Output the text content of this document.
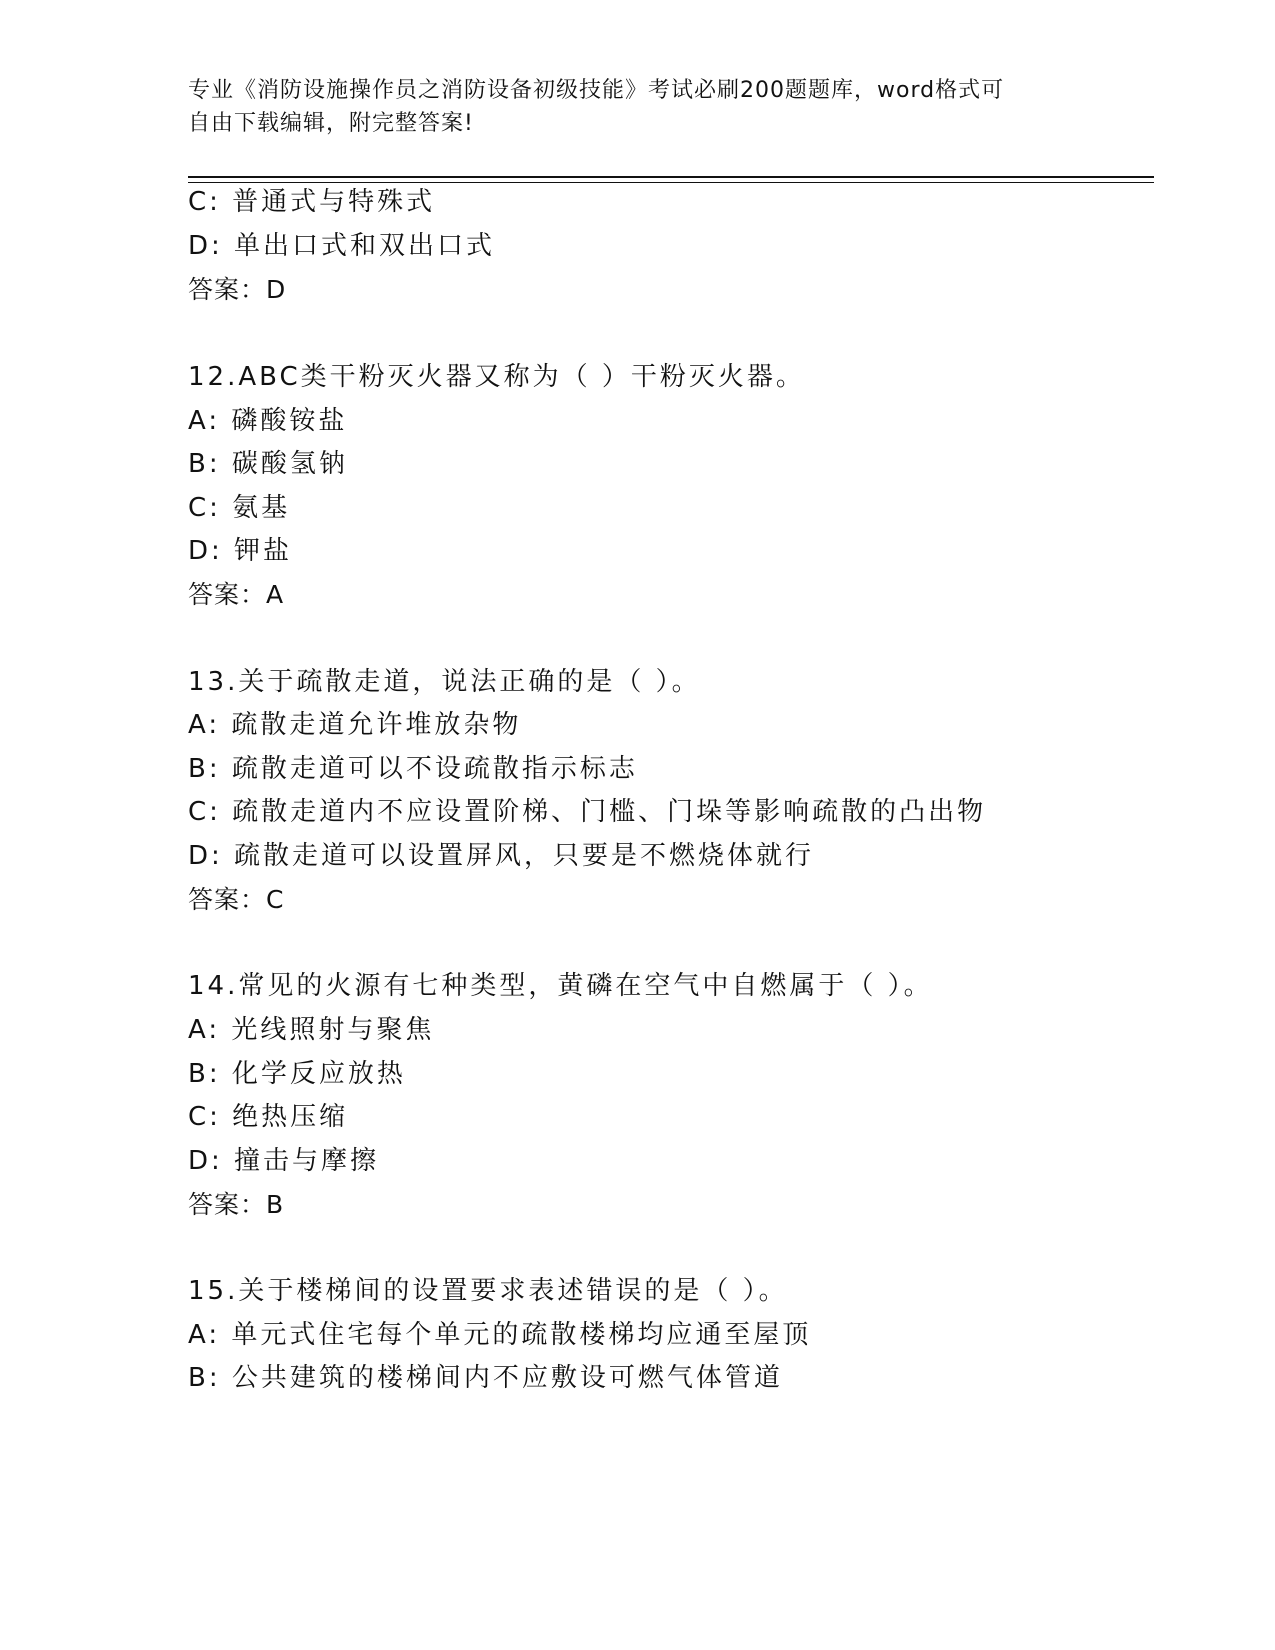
专业《消防设施操作员之消防设备初级技能》考试必刷200题题库，word格式可
自由下载编辑，附完整答案!
C: 普通式与特殊式
D: 单出口式和双出口式
答案：D
12.ABC类干粉灭火器又称为（ ）干粉灭火器。
A: 磷酸铵盐
B: 碳酸氢钠
C: 氨基
D: 钾盐
答案：A
13.关于疏散走道，说法正确的是（ ）。
A: 疏散走道允许堆放杂物
B: 疏散走道可以不设疏散指示标志
C: 疏散走道内不应设置阶梯、门槛、门垛等影响疏散的凸出物
D: 疏散走道可以设置屏风，只要是不燃烧体就行
答案：C
14.常见的火源有七种类型，黄磷在空气中自燃属于（ ）。
A: 光线照射与聚焦
B: 化学反应放热
C: 绝热压缩
D: 撞击与摩擦
答案：B
15.关于楼梯间的设置要求表述错误的是（ ）。
A: 单元式住宅每个单元的疏散楼梯均应通至屋顶
B: 公共建筑的楼梯间内不应敷设可燃气体管道
